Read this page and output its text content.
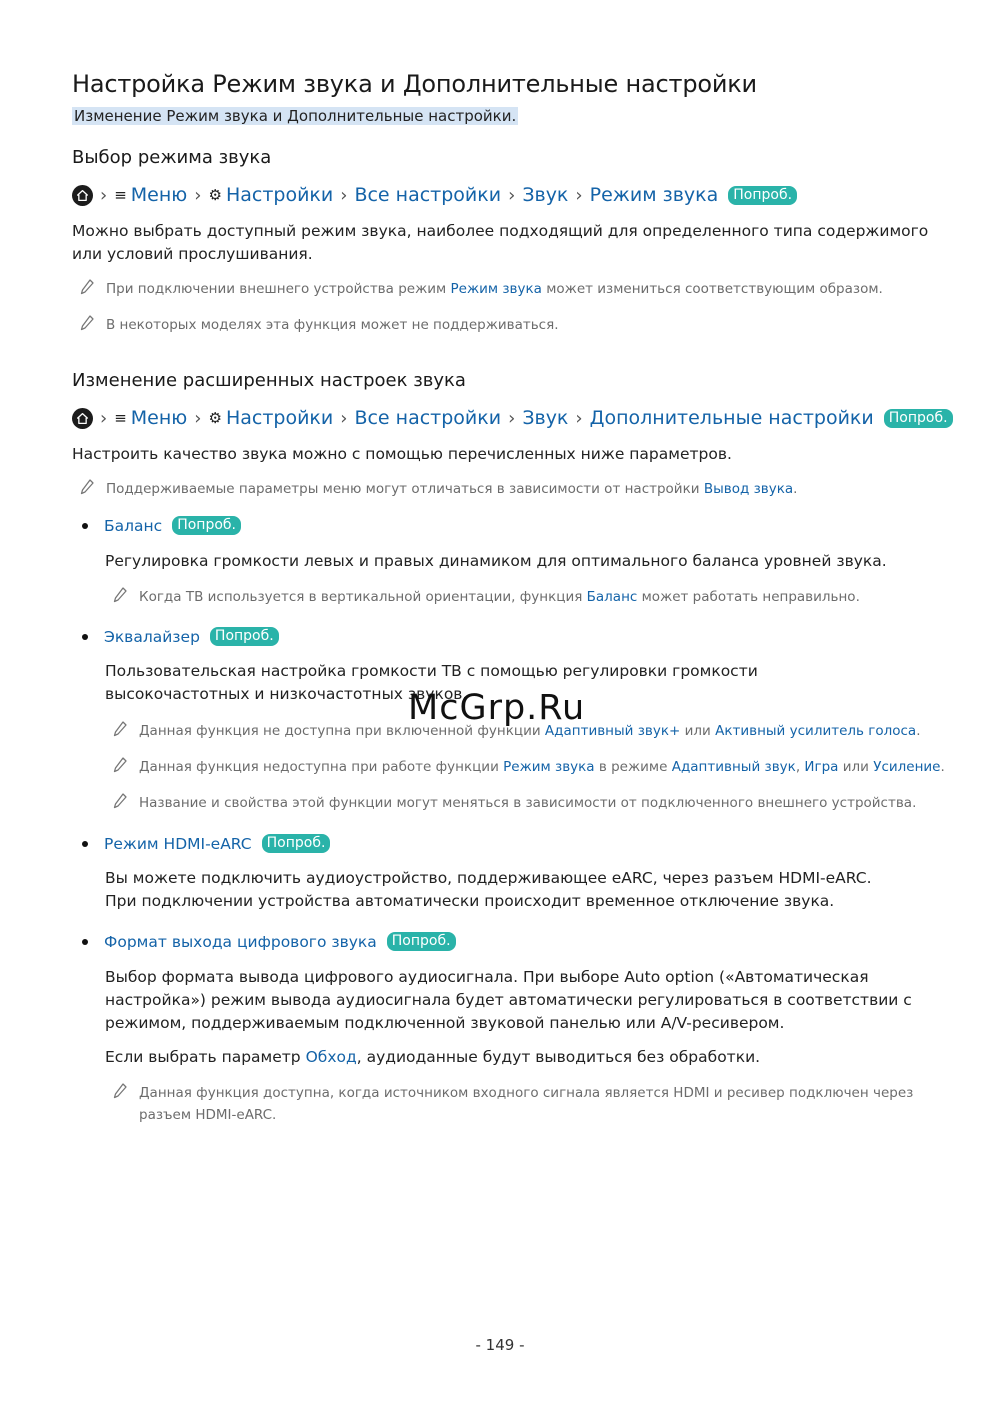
Настройка Режим звука и Дополнительные настройки
Изменение Режим звука и Дополнительные настройки.
Выбор режима звука
› ≡ Меню › ⚙ Настройки › Все настройки › Звук › Режим звука	Попроб.
Можно выбрать доступный режим звука, наиболее подходящий для определенного типа содержимого или условий прослушивания.
При подключении внешнего устройства режим Режим звука может измениться соответствующим образом.
В некоторых моделях эта функция может не поддерживаться.
Изменение расширенных настроек звука
› ≡ Меню › ⚙ Настройки › Все настройки › Звук › Дополнительные настройки	Попроб.
Настроить качество звука можно с помощью перечисленных ниже параметров.
Поддерживаемые параметры меню могут отличаться в зависимости от настройки Вывод звука.
Баланс	Попроб.
Регулировка громкости левых и правых динамиком для оптимального баланса уровней звука.
Когда ТВ используется в вертикальной ориентации, функция Баланс может работать неправильно.
Эквалайзер	Попроб.
Пользовательская настройка громкости ТВ с помощью регулировки громкости высокочастотных и низкочастотных звуков.
Данная функция не доступна при включенной функции Адаптивный звук+ или Активный усилитель голоса.
Данная функция недоступна при работе функции Режим звука в режиме Адаптивный звук, Игра или Усиление.
Название и свойства этой функции могут меняться в зависимости от подключенного внешнего устройства.
Режим HDMI-eARC	Попроб.
Вы можете подключить аудиоустройство, поддерживающее eARC, через разъем HDMI-eARC. При подключении устройства автоматически происходит временное отключение звука.
Формат выхода цифрового звука	Попроб.
Выбор формата вывода цифрового аудиосигнала. При выборе Auto option («Автоматическая настройка») режим вывода аудиосигнала будет автоматически регулироваться в соответствии с режимом, поддерживаемым подключенной звуковой панелью или A/V-ресивером.
Если выбрать параметр Обход, аудиоданные будут выводиться без обработки.
Данная функция доступна, когда источником входного сигнала является HDMI и ресивер подключен через разъем HDMI-eARC.
McGrp.Ru
- 149 -
